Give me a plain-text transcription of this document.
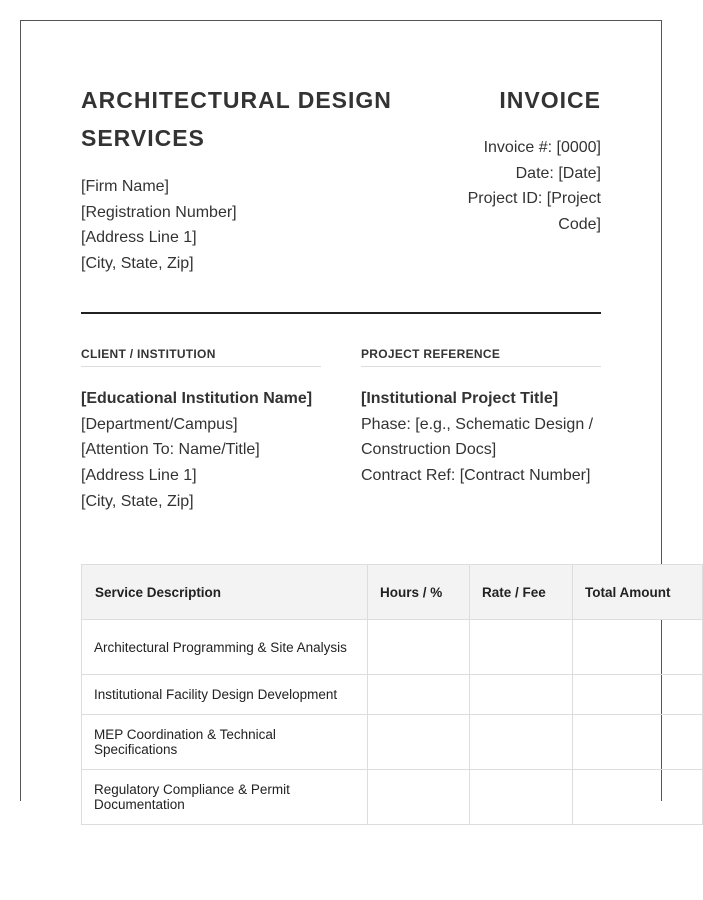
ARCHITECTURAL DESIGN SERVICES
INVOICE
[Firm Name]
[Registration Number]
[Address Line 1]
[City, State, Zip]
Invoice #: [0000]
Date: [Date]
Project ID: [Project Code]
CLIENT / INSTITUTION
[Educational Institution Name]
[Department/Campus]
[Attention To: Name/Title]
[Address Line 1]
[City, State, Zip]
PROJECT REFERENCE
[Institutional Project Title]
Phase: [e.g., Schematic Design / Construction Docs]
Contract Ref: [Contract Number]
Service Description	Hours / %	Rate / Fee	Total Amount
Architectural Programming & Site Analysis			
Institutional Facility Design Development			
MEP Coordination & Technical Specifications			
Regulatory Compliance & Permit Documentation			
